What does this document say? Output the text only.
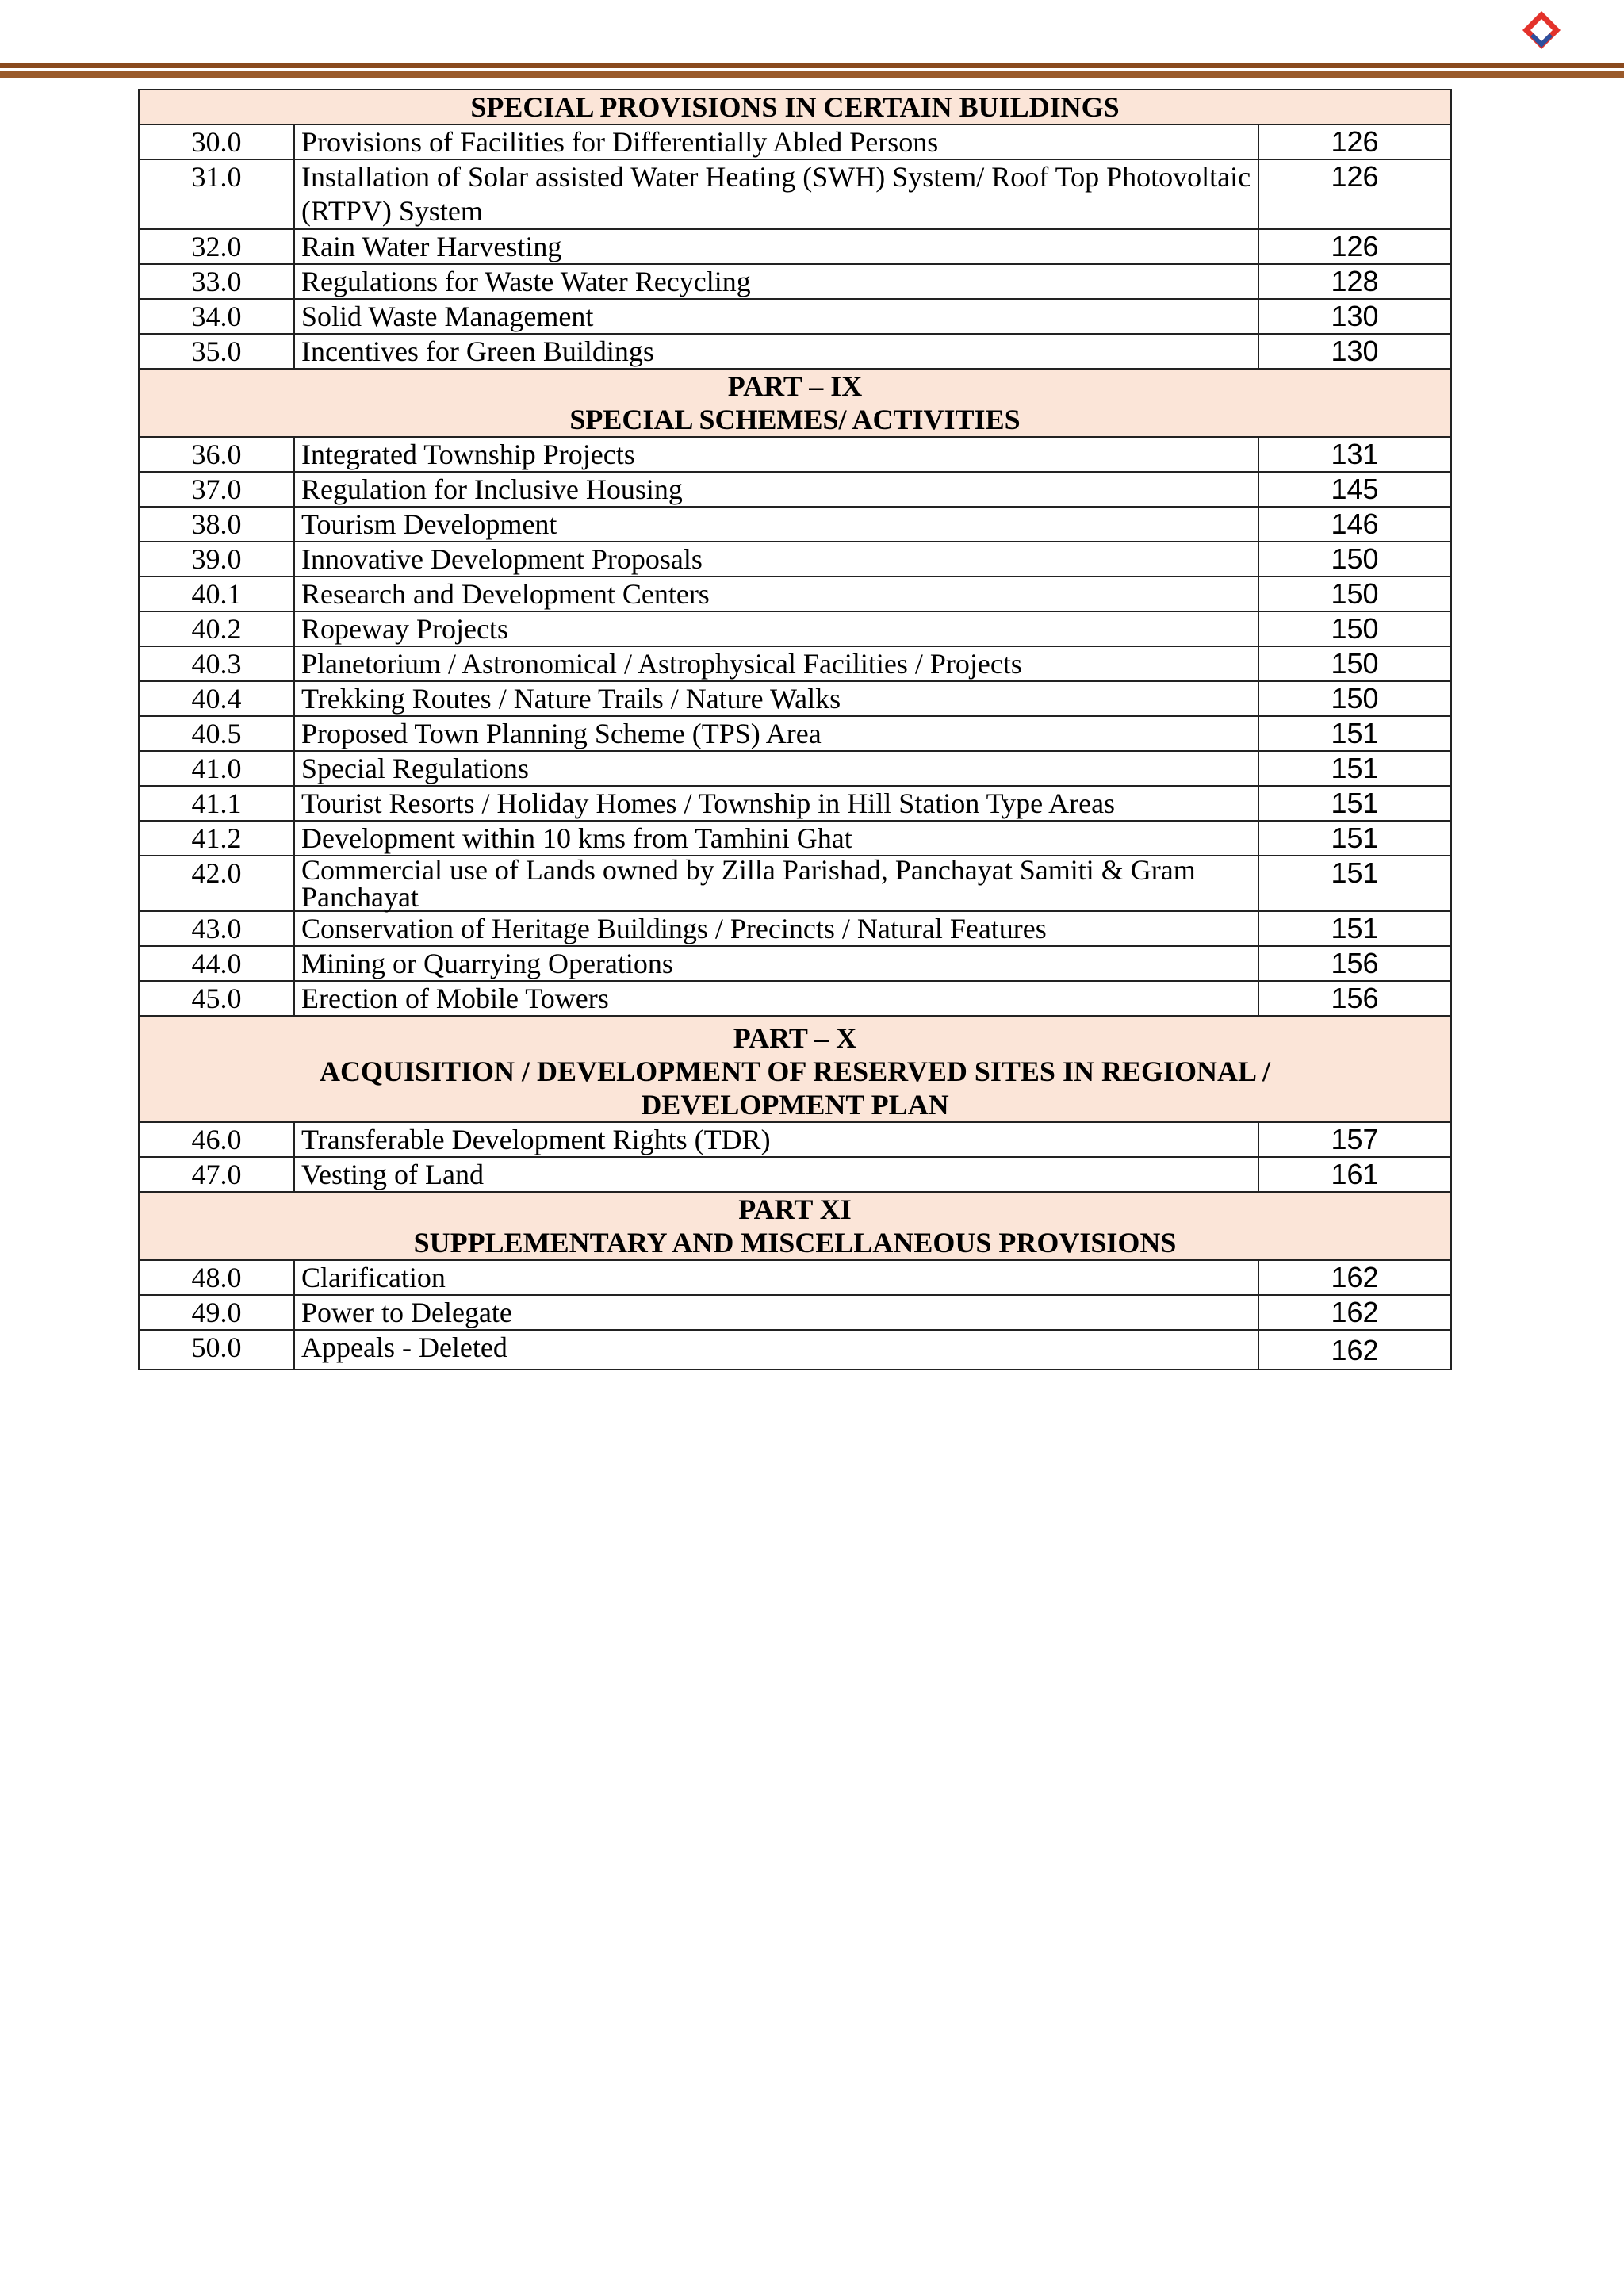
SPECIAL PROVISIONS IN CERTAIN BUILDINGS		

30.0	Provisions of Facilities for Differentially Abled Persons	126
31.0	Installation of Solar assisted Water Heating (SWH) System/ Roof Top Photovoltaic (RTPV) System	126
32.0	Rain Water Harvesting	126
33.0	Regulations for Waste Water Recycling	128
34.0	Solid Waste Management	130
35.0	Incentives for Green Buildings	130

PART – IX
SPECIAL SCHEMES/ ACTIVITIES		

36.0	Integrated Township Projects	131
37.0	Regulation for Inclusive Housing	145
38.0	Tourism Development	146
39.0	Innovative Development Proposals	150
40.1	Research and Development Centers	150
40.2	Ropeway Projects	150
40.3	Planetorium / Astronomical / Astrophysical Facilities / Projects	150
40.4	Trekking Routes / Nature Trails / Nature Walks	150
40.5	Proposed Town Planning Scheme (TPS) Area	151
41.0	Special Regulations	151
41.1	Tourist Resorts / Holiday Homes / Township in Hill Station Type Areas	151
41.2	Development within 10 kms from Tamhini Ghat	151
42.0	Commercial use of Lands owned by Zilla Parishad, Panchayat Samiti & Gram Panchayat	151
43.0	Conservation of Heritage Buildings / Precincts / Natural Features	151
44.0	Mining or Quarrying Operations	156
45.0	Erection of Mobile Towers	156

PART – X
ACQUISITION / DEVELOPMENT OF RESERVED SITES IN REGIONAL /
DEVELOPMENT PLAN		

46.0	Transferable Development Rights (TDR)	157
47.0	Vesting of Land	161

PART XI
SUPPLEMENTARY AND MISCELLANEOUS PROVISIONS		

48.0	Clarification	162
49.0	Power to Delegate	162
50.0	Appeals - Deleted	162
